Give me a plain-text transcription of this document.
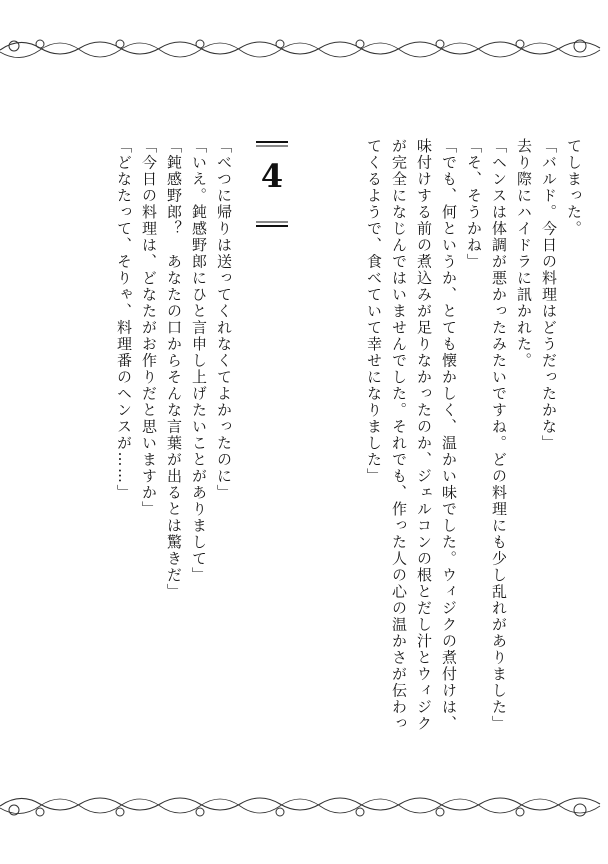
4	てしまった。
「バルド。今日の料理はどうだったかな」
去り際にハイドラに訊かれた。
「ヘンスは体調が悪かったみたいですね。どの料理にも少し乱れがありました」
「そ、そうかね」
「でも、何というか、とても懐かしく、温かい味でした。ウィジクの煮付けは、
味付けする前の煮込みが足りなかったのか、ジェルコンの根とだし汁とウィジク
が完全になじんではいませんでした。それでも、作った人の心の温かさが伝わっ
てくるようで、食べていて幸せになりました」
「べつに帰りは送ってくれなくてよかったのに」
「いえ。鈍感野郎にひと言申し上げたいことがありまして」
「鈍感野郎？　あなたの口からそんな言葉が出るとは驚きだ」
「今日の料理は、どなたがお作りだと思いますか」
「どなたって、そりゃ、料理番のヘンスが……」
